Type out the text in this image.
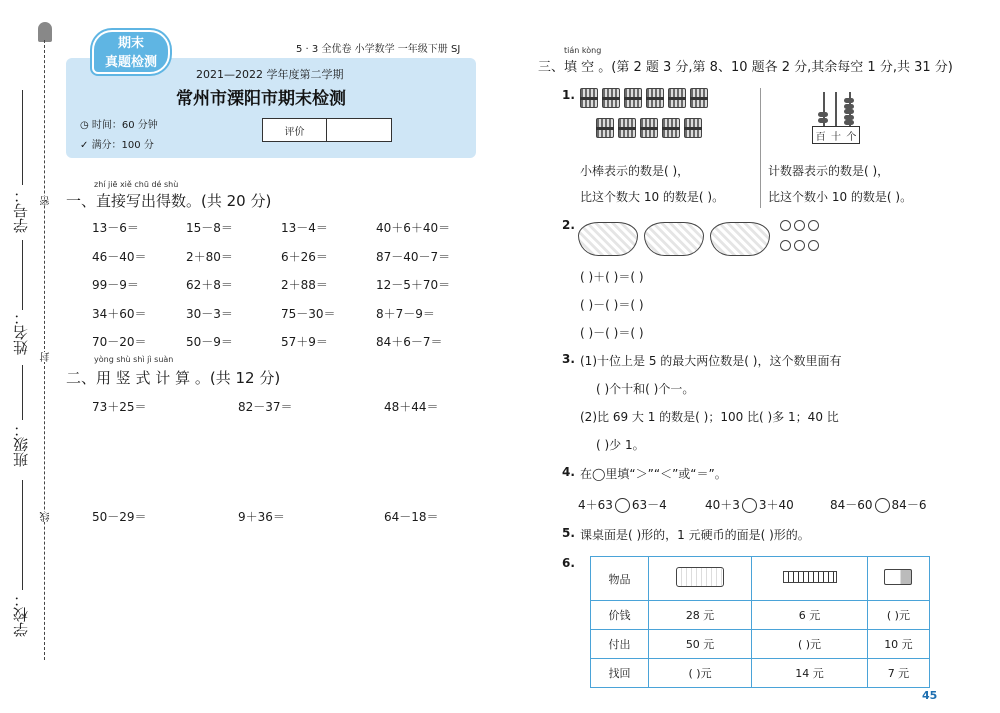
学号：
姓名：
班级：
学校：
密
封
线
期末
真题检测
5 · 3 全优卷 小学数学 一年级下册 SJ
2021—2022 学年度第二学期
常州市溧阳市期末检测
◷ 时间：60 分钟
✓ 满分：100 分
评价
zhí jiē xiě chū dé shù
一、直接写出得数。(共 20 分)
13－6＝	15－8＝	13－4＝	40＋6＋40＝
46－40＝	2＋80＝	6＋26＝	87－40－7＝
99－9＝	62＋8＝	2＋88＝	12－5＋70＝
34＋60＝	30－3＝	75－30＝	8＋7－9＝
70－20＝	50－9＝	57＋9＝	84＋6－7＝
yòng shù shì jì suàn
二、用 竖 式 计 算 。(共 12 分)
73＋25＝	82－37＝	48＋44＝
50－29＝	9＋36＝	64－18＝
tián kòng
三、填 空 。(第 2 题 3 分,第 8、10 题各 2 分,其余每空 1 分,共 31 分)
1.
小棒表示的数是( )，
比这个数大 10 的数是( )。
百 十 个
计数器表示的数是( )，
比这个数小 10 的数是( )。
2.
( )＋( )＝( )
( )－( )＝( )
( )－( )＝( )
3. (1)十位上是 5 的最大两位数是( )，这个数里面有
( )个十和( )个一。
(2)比 69 大 1 的数是( )；100 比( )多 1；40 比
( )少 1。
4. 在◯里填“＞”“＜”或“＝”。
4＋63 63－4	40＋3 3＋40	84－60 84－6
5. 课桌面是( )形的，1 元硬币的面是( )形的。
6.
物品			
价钱	28 元	6 元	( )元
付出	50 元	( )元	10 元
找回	( )元	14 元	7 元
45
